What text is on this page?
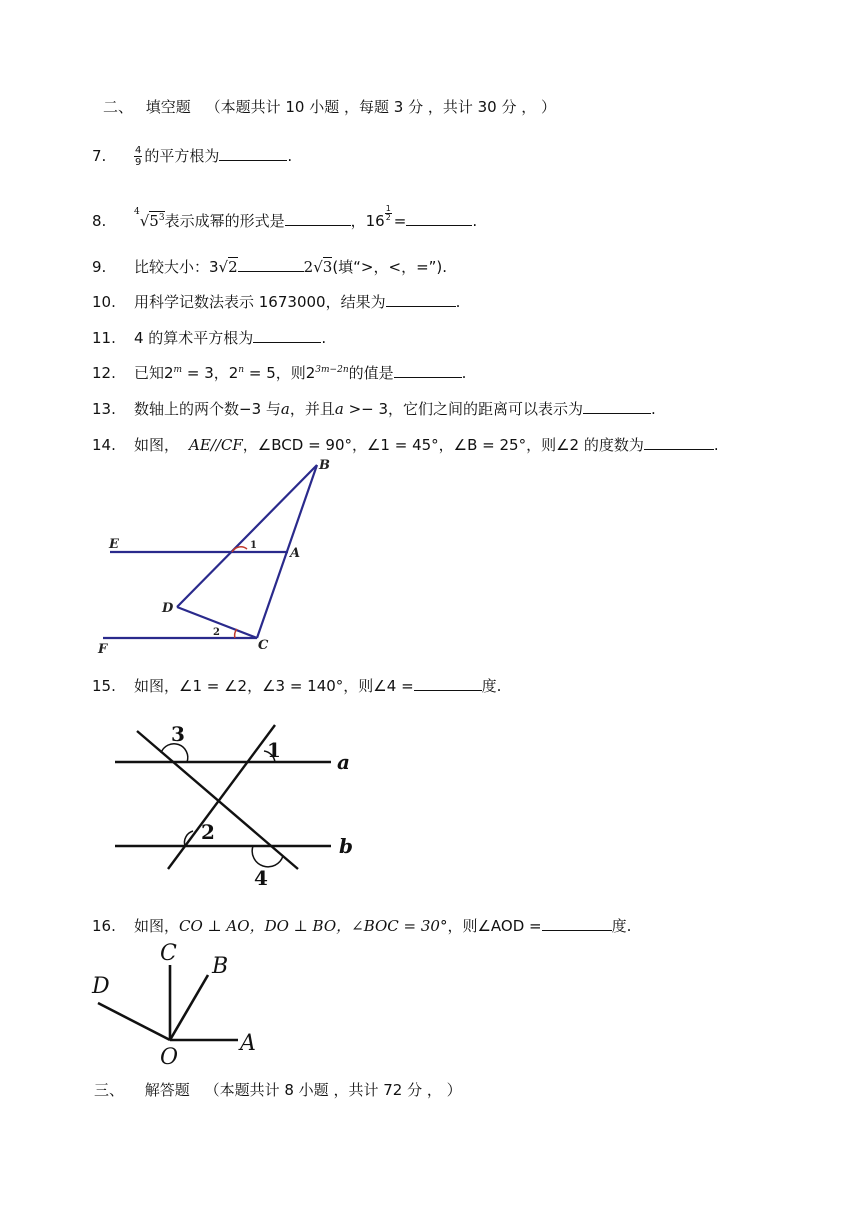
二、 填空题 （本题共计 10 小题 ，每题 3 分 ，共计 30 分 ， ）
7.	$\frac{4}{9}$ 的平方根为	.
8.	$^4√5^3$表示成幂的形式是	，$16 \frac{1}{2}$ =	.
9. 比较大小：3√2	2√3(填“>，<，=”).
10. 用科学记数法表示 1673000，结果为	.
11. 4 的算术平方根为	.
12. 已知$2^m = 3$，$2^n = 5$，则$2^{3m-2n}$的值是	.
13. 数轴上的两个数−3 与a，并且a >− 3，它们之间的距离可以表示为	.
14. 如图， AE//CF，∠BCD = 90°，∠1 = 45°，∠B = 25°，则∠2 的度数为	.
B
E	1
A
D
2
F	C
15. 如图，∠1 = ∠2，∠3 = 140°，则∠4 =	度.
3
1	a
2
b
4
16. 如图，CO ⊥ AO，DO ⊥ BO，∠BOC = 30°，则∠AOD =	度.
C
B
D
A
O
三、 解答题 （本题共计 8 小题 ，共计 72 分 ， ）
